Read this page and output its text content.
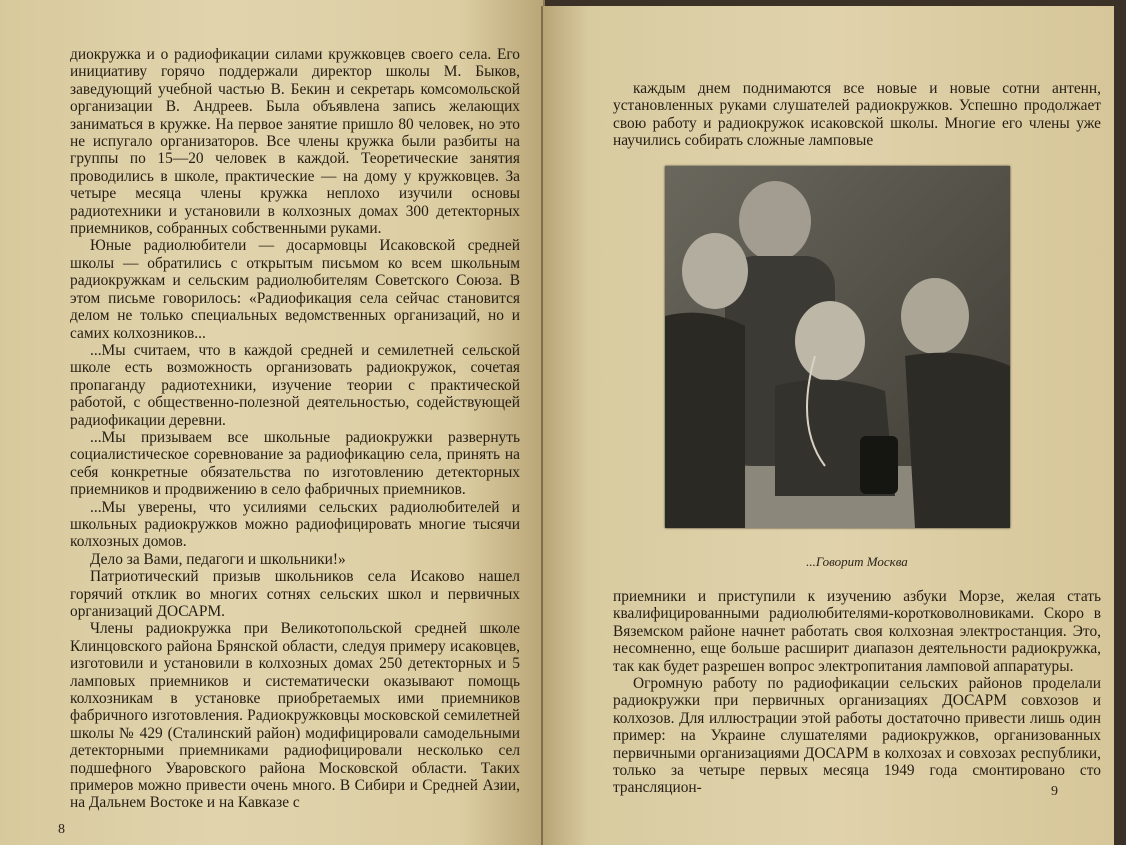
диокружка и о радиофикации силами кружковцев своего села. Его инициативу горячо поддержали директор школы М. Быков, заведующий учебной частью В. Бекин и секретарь комсомольской организации В. Андреев. Была объявлена запись желающих заниматься в кружке. На первое занятие пришло 80 человек, но это не испугало организаторов. Все члены кружка были разбиты на группы по 15—20 человек в каждой. Теоретические занятия проводились в школе, практические — на дому у кружковцев. За четыре месяца члены кружка неплохо изучили основы радиотехники и установили в колхозных домах 300 детекторных приемников, собранных собственными руками.

Юные радиолюбители — досармовцы Исаковской средней школы — обратились с открытым письмом ко всем школьным радиокружкам и сельским радиолюбителям Советского Союза. В этом письме говорилось: «Радиофикация села сейчас становится делом не только специальных ведомственных организаций, но и самих колхозников...

...Мы считаем, что в каждой средней и семилетней сельской школе есть возможность организовать радиокружок, сочетая пропаганду радиотехники, изучение теории с практической работой, с общественно-полезной деятельностью, содействующей радиофикации деревни.

...Мы призываем все школьные радиокружки развернуть социалистическое соревнование за радиофикацию села, принять на себя конкретные обязательства по изготовлению детекторных приемников и продвижению в село фабричных приемников.

...Мы уверены, что усилиями сельских радиолюбителей и школьных радиокружков можно радиофицировать многие тысячи колхозных домов.

Дело за Вами, педагоги и школьники!»

Патриотический призыв школьников села Исаково нашел горячий отклик во многих сотнях сельских школ и первичных организаций ДОСАРМ.

Члены радиокружка при Великотопольской средней школе Клинцовского района Брянской области, следуя примеру исаковцев, изготовили и установили в колхозных домах 250 детекторных и 5 ламповых приемников и систематически оказывают помощь колхозникам в установке приобретаемых ими приемников фабричного изготовления. Радиокружковцы московской семилетней школы № 429 (Сталинский район) модифицировали самодельными детекторными приемниками радиофицировали несколько сел подшефного Уваровского района Московской области. Таких примеров можно привести очень много. В Сибири и Средней Азии, на Дальнем Востоке и на Кавказе с

8

каждым днем поднимаются все новые и новые сотни антенн, установленных руками слушателей радиокружков. Успешно продолжает свою работу и радиокружок исаковской школы. Многие его члены уже научились собирать сложные ламповые

...Говорит Москва

приемники и приступили к изучению азбуки Морзе, желая стать квалифицированными радиолюбителями-коротковолновиками. Скоро в Вяземском районе начнет работать своя колхозная электростанция. Это, несомненно, еще больше расширит диапазон деятельности радиокружка, так как будет разрешен вопрос электропитания ламповой аппаратуры.

Огромную работу по радиофикации сельских районов проделали радиокружки при первичных организациях ДОСАРМ совхозов и колхозов. Для иллюстрации этой работы достаточно привести лишь один пример: на Украине слушателями радиокружков, организованных первичными организациями ДОСАРМ в колхозах и совхозах республики, только за четыре первых месяца 1949 года смонтировано сто трансляцион-	9
